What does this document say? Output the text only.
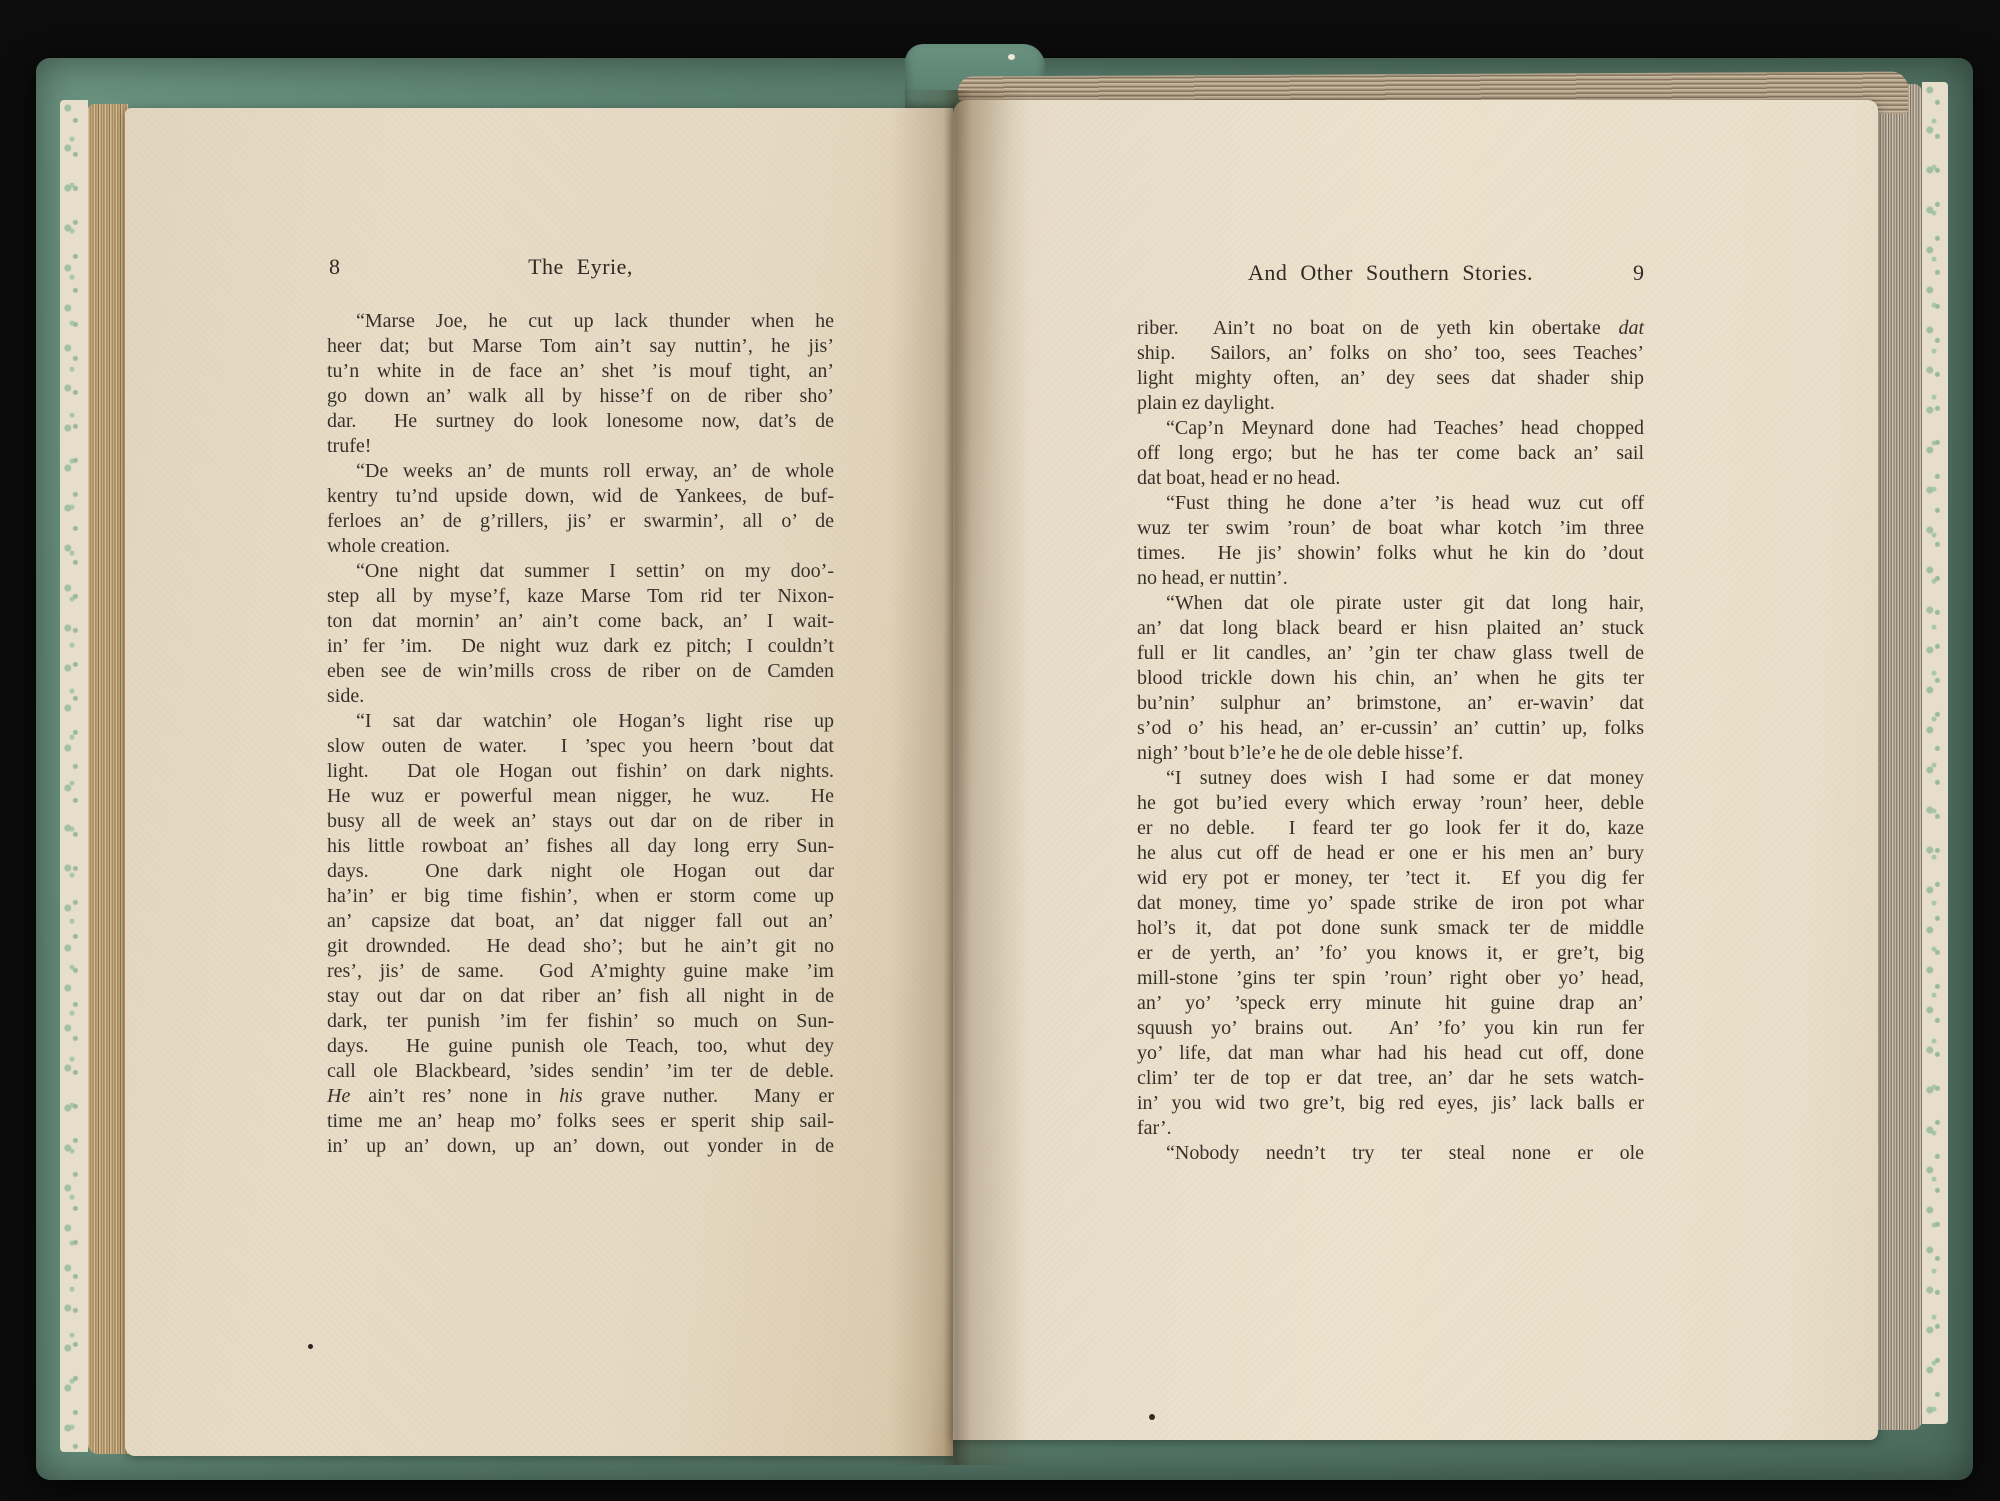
8	The Eyrie,
“Marse Joe, he cut up lack thunder when he
heer dat; but Marse Tom ain’t say nuttin’, he jis’
tu’n white in de face an’ shet ’is mouf tight, an’
go down an’ walk all by hisse’f on de riber sho’
dar.  He surtney do look lonesome now, dat’s de
trufe!
“De weeks an’ de munts roll erway, an’ de whole
kentry tu’nd upside down, wid de Yankees, de buf-
ferloes an’ de g’rillers, jis’ er swarmin’, all o’ de
whole creation.
“One night dat summer I settin’ on my doo’-
step all by myse’f, kaze Marse Tom rid ter Nixon-
ton dat mornin’ an’ ain’t come back, an’ I wait-
in’ fer ’im.  De night wuz dark ez pitch; I couldn’t
eben see de win’mills cross de riber on de Camden
side.
“I sat dar watchin’ ole Hogan’s light rise up
slow outen de water.  I ’spec you heern ’bout dat
light.  Dat ole Hogan out fishin’ on dark nights.
He wuz er powerful mean nigger, he wuz.  He
busy all de week an’ stays out dar on de riber in
his little rowboat an’ fishes all day long erry Sun-
days.  One dark night ole Hogan out dar
ha’in’ er big time fishin’, when er storm come up
an’ capsize dat boat, an’ dat nigger fall out an’
git drownded.  He dead sho’; but he ain’t git no
res’, jis’ de same.  God A’mighty guine make ’im
stay out dar on dat riber an’ fish all night in de
dark, ter punish ’im fer fishin’ so much on Sun-
days.  He guine punish ole Teach, too, whut dey
call ole Blackbeard, ’sides sendin’ ’im ter de deble.
He ain’t res’ none in his grave nuther.  Many er
time me an’ heap mo’ folks sees er sperit ship sail-
in’ up an’ down, up an’ down, out yonder in de
And Other Southern Stories.	9
riber.  Ain’t no boat on de yeth kin obertake dat
ship.  Sailors, an’ folks on sho’ too, sees Teaches’
light mighty often, an’ dey sees dat shader ship
plain ez daylight.
“Cap’n Meynard done had Teaches’ head chopped
off long ergo; but he has ter come back an’ sail
dat boat, head er no head.
“Fust thing he done a’ter ’is head wuz cut off
wuz ter swim ’roun’ de boat whar kotch ’im three
times.  He jis’ showin’ folks whut he kin do ’dout
no head, er nuttin’.
“When dat ole pirate uster git dat long hair,
an’ dat long black beard er hisn plaited an’ stuck
full er lit candles, an’ ’gin ter chaw glass twell de
blood trickle down his chin, an’ when he gits ter
bu’nin’ sulphur an’ brimstone, an’ er-wavin’ dat
s’od o’ his head, an’ er-cussin’ an’ cuttin’ up, folks
nigh’ ’bout b’le’e he de ole deble hisse’f.
“I sutney does wish I had some er dat money
he got bu’ied every which erway ’roun’ heer, deble
er no deble.  I feard ter go look fer it do, kaze
he alus cut off de head er one er his men an’ bury
wid ery pot er money, ter ’tect it.  Ef you dig fer
dat money, time yo’ spade strike de iron pot whar
hol’s it, dat pot done sunk smack ter de middle
er de yerth, an’ ’fo’ you knows it, er gre’t, big
mill-stone ’gins ter spin ’roun’ right ober yo’ head,
an’ yo’ ’speck erry minute hit guine drap an’
squush yo’ brains out.  An’ ’fo’ you kin run fer
yo’ life, dat man whar had his head cut off, done
clim’ ter de top er dat tree, an’ dar he sets watch-
in’ you wid two gre’t, big red eyes, jis’ lack balls er
far’.
“Nobody needn’t try ter steal none er ole
